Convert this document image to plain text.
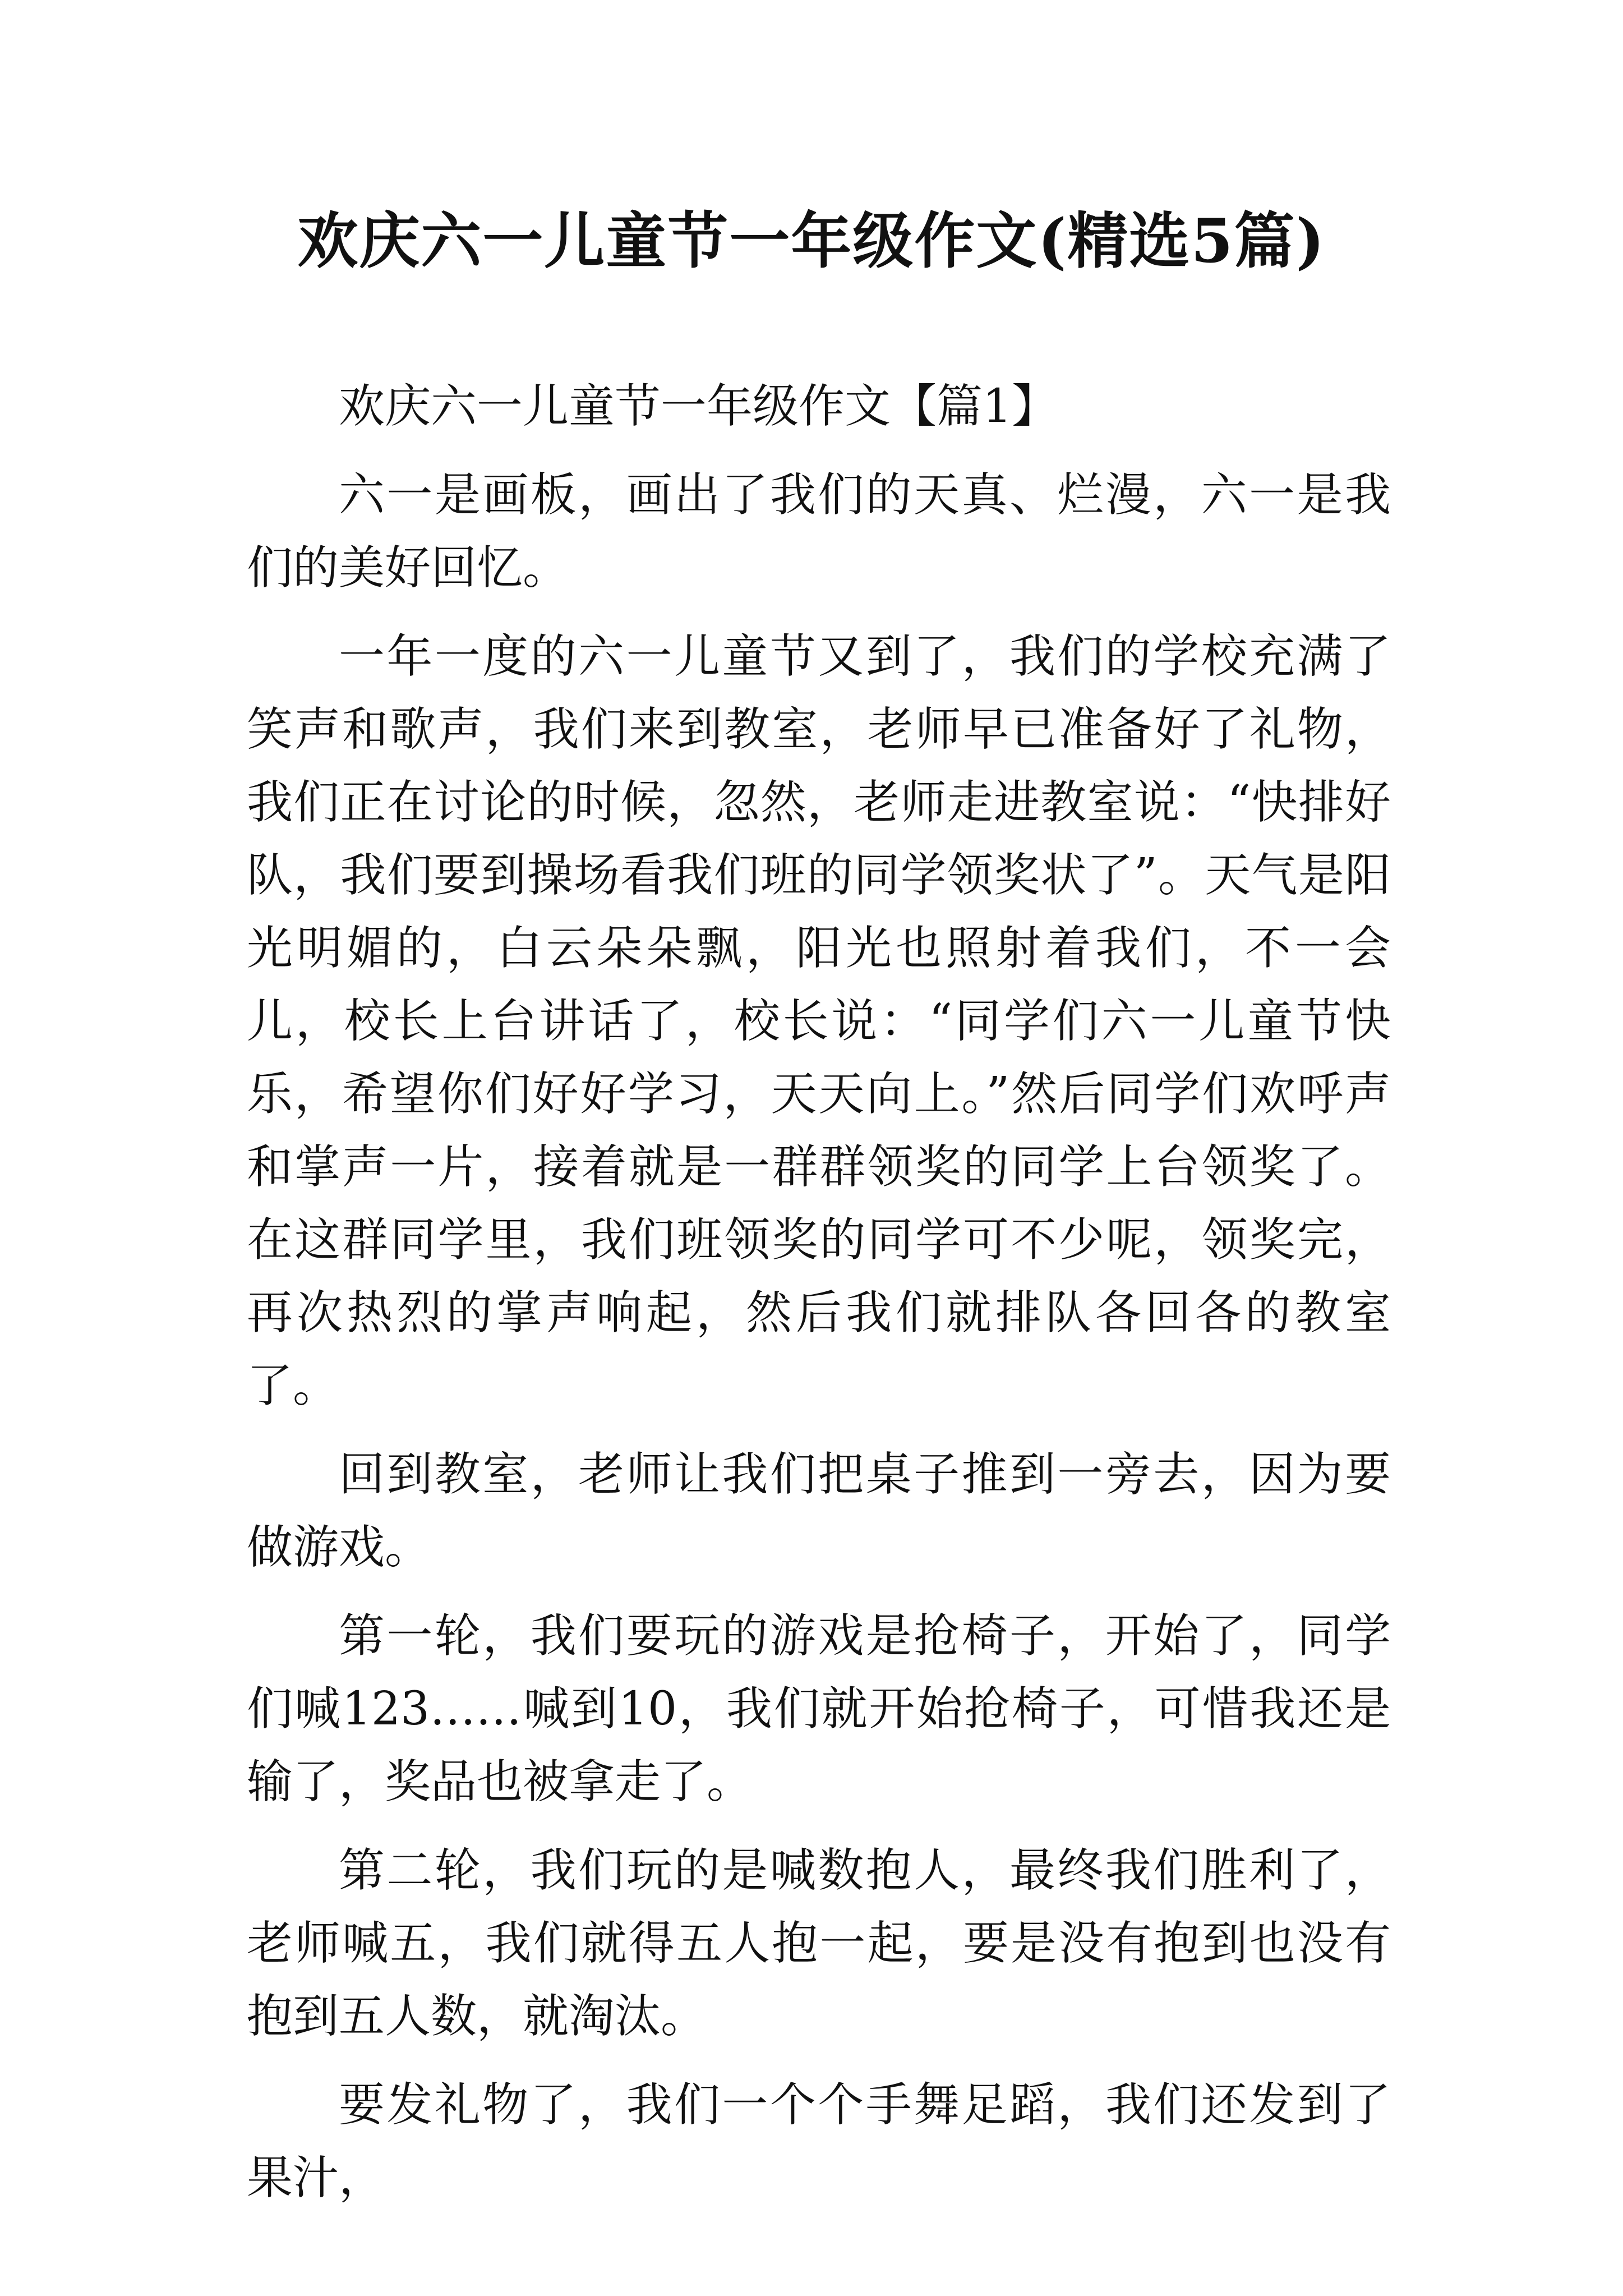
欢庆六一儿童节一年级作文(精选5篇)

欢庆六一儿童节一年级作文【篇1】

六一是画板，画出了我们的天真、烂漫，六一是我们的美好回忆。

一年一度的六一儿童节又到了，我们的学校充满了笑声和歌声，我们来到教室，老师早已准备好了礼物，我们正在讨论的时候，忽然，老师走进教室说：“快排好队，我们要到操场看我们班的同学领奖状了”。天气是阳光明媚的，白云朵朵飘，阳光也照射着我们，不一会儿，校长上台讲话了，校长说：“同学们六一儿童节快乐，希望你们好好学习，天天向上。”然后同学们欢呼声和掌声一片，接着就是一群群领奖的同学上台领奖了。在这群同学里，我们班领奖的同学可不少呢，领奖完，再次热烈的掌声响起，然后我们就排队各回各的教室了。

回到教室，老师让我们把桌子推到一旁去，因为要做游戏。

第一轮，我们要玩的游戏是抢椅子，开始了，同学们喊123……喊到10，我们就开始抢椅子，可惜我还是输了，奖品也被拿走了。

第二轮，我们玩的是喊数抱人，最终我们胜利了，老师喊五，我们就得五人抱一起，要是没有抱到也没有抱到五人数，就淘汰。

要发礼物了，我们一个个手舞足蹈，我们还发到了果汁，
